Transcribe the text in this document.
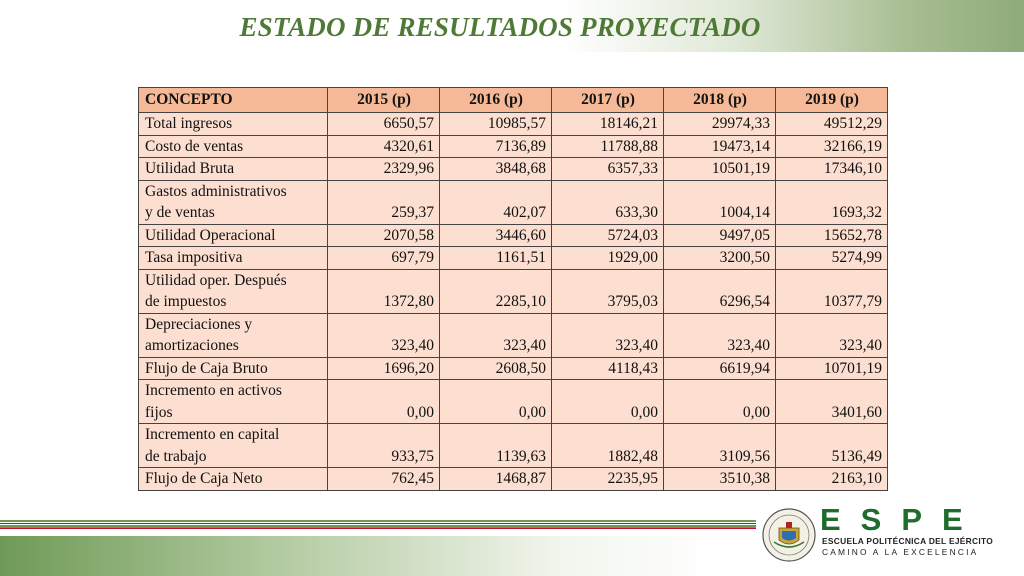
ESTADO DE RESULTADOS PROYECTADO
CONCEPTO	2015 (p)	2016 (p)	2017 (p)	2018 (p)	2019 (p)
Total ingresos	6650,57	10985,57	18146,21	29974,33	49512,29
Costo de ventas	4320,61	7136,89	11788,88	19473,14	32166,19
Utilidad Bruta	2329,96	3848,68	6357,33	10501,19	17346,10
Gastos administrativos
y de ventas	259,37	402,07	633,30	1004,14	1693,32
Utilidad Operacional	2070,58	3446,60	5724,03	9497,05	15652,78
Tasa impositiva	697,79	1161,51	1929,00	3200,50	5274,99
Utilidad oper. Después
de impuestos	1372,80	2285,10	3795,03	6296,54	10377,79
Depreciaciones y
amortizaciones	323,40	323,40	323,40	323,40	323,40
Flujo de Caja Bruto	1696,20	2608,50	4118,43	6619,94	10701,19
Incremento en activos
fijos	0,00	0,00	0,00	0,00	3401,60
Incremento en capital
de trabajo	933,75	1139,63	1882,48	3109,56	5136,49
Flujo de Caja Neto	762,45	1468,87	2235,95	3510,38	2163,10
ESPE
ESCUELA POLITÉCNICA DEL EJÉRCITO
CAMINO A LA EXCELENCIA
